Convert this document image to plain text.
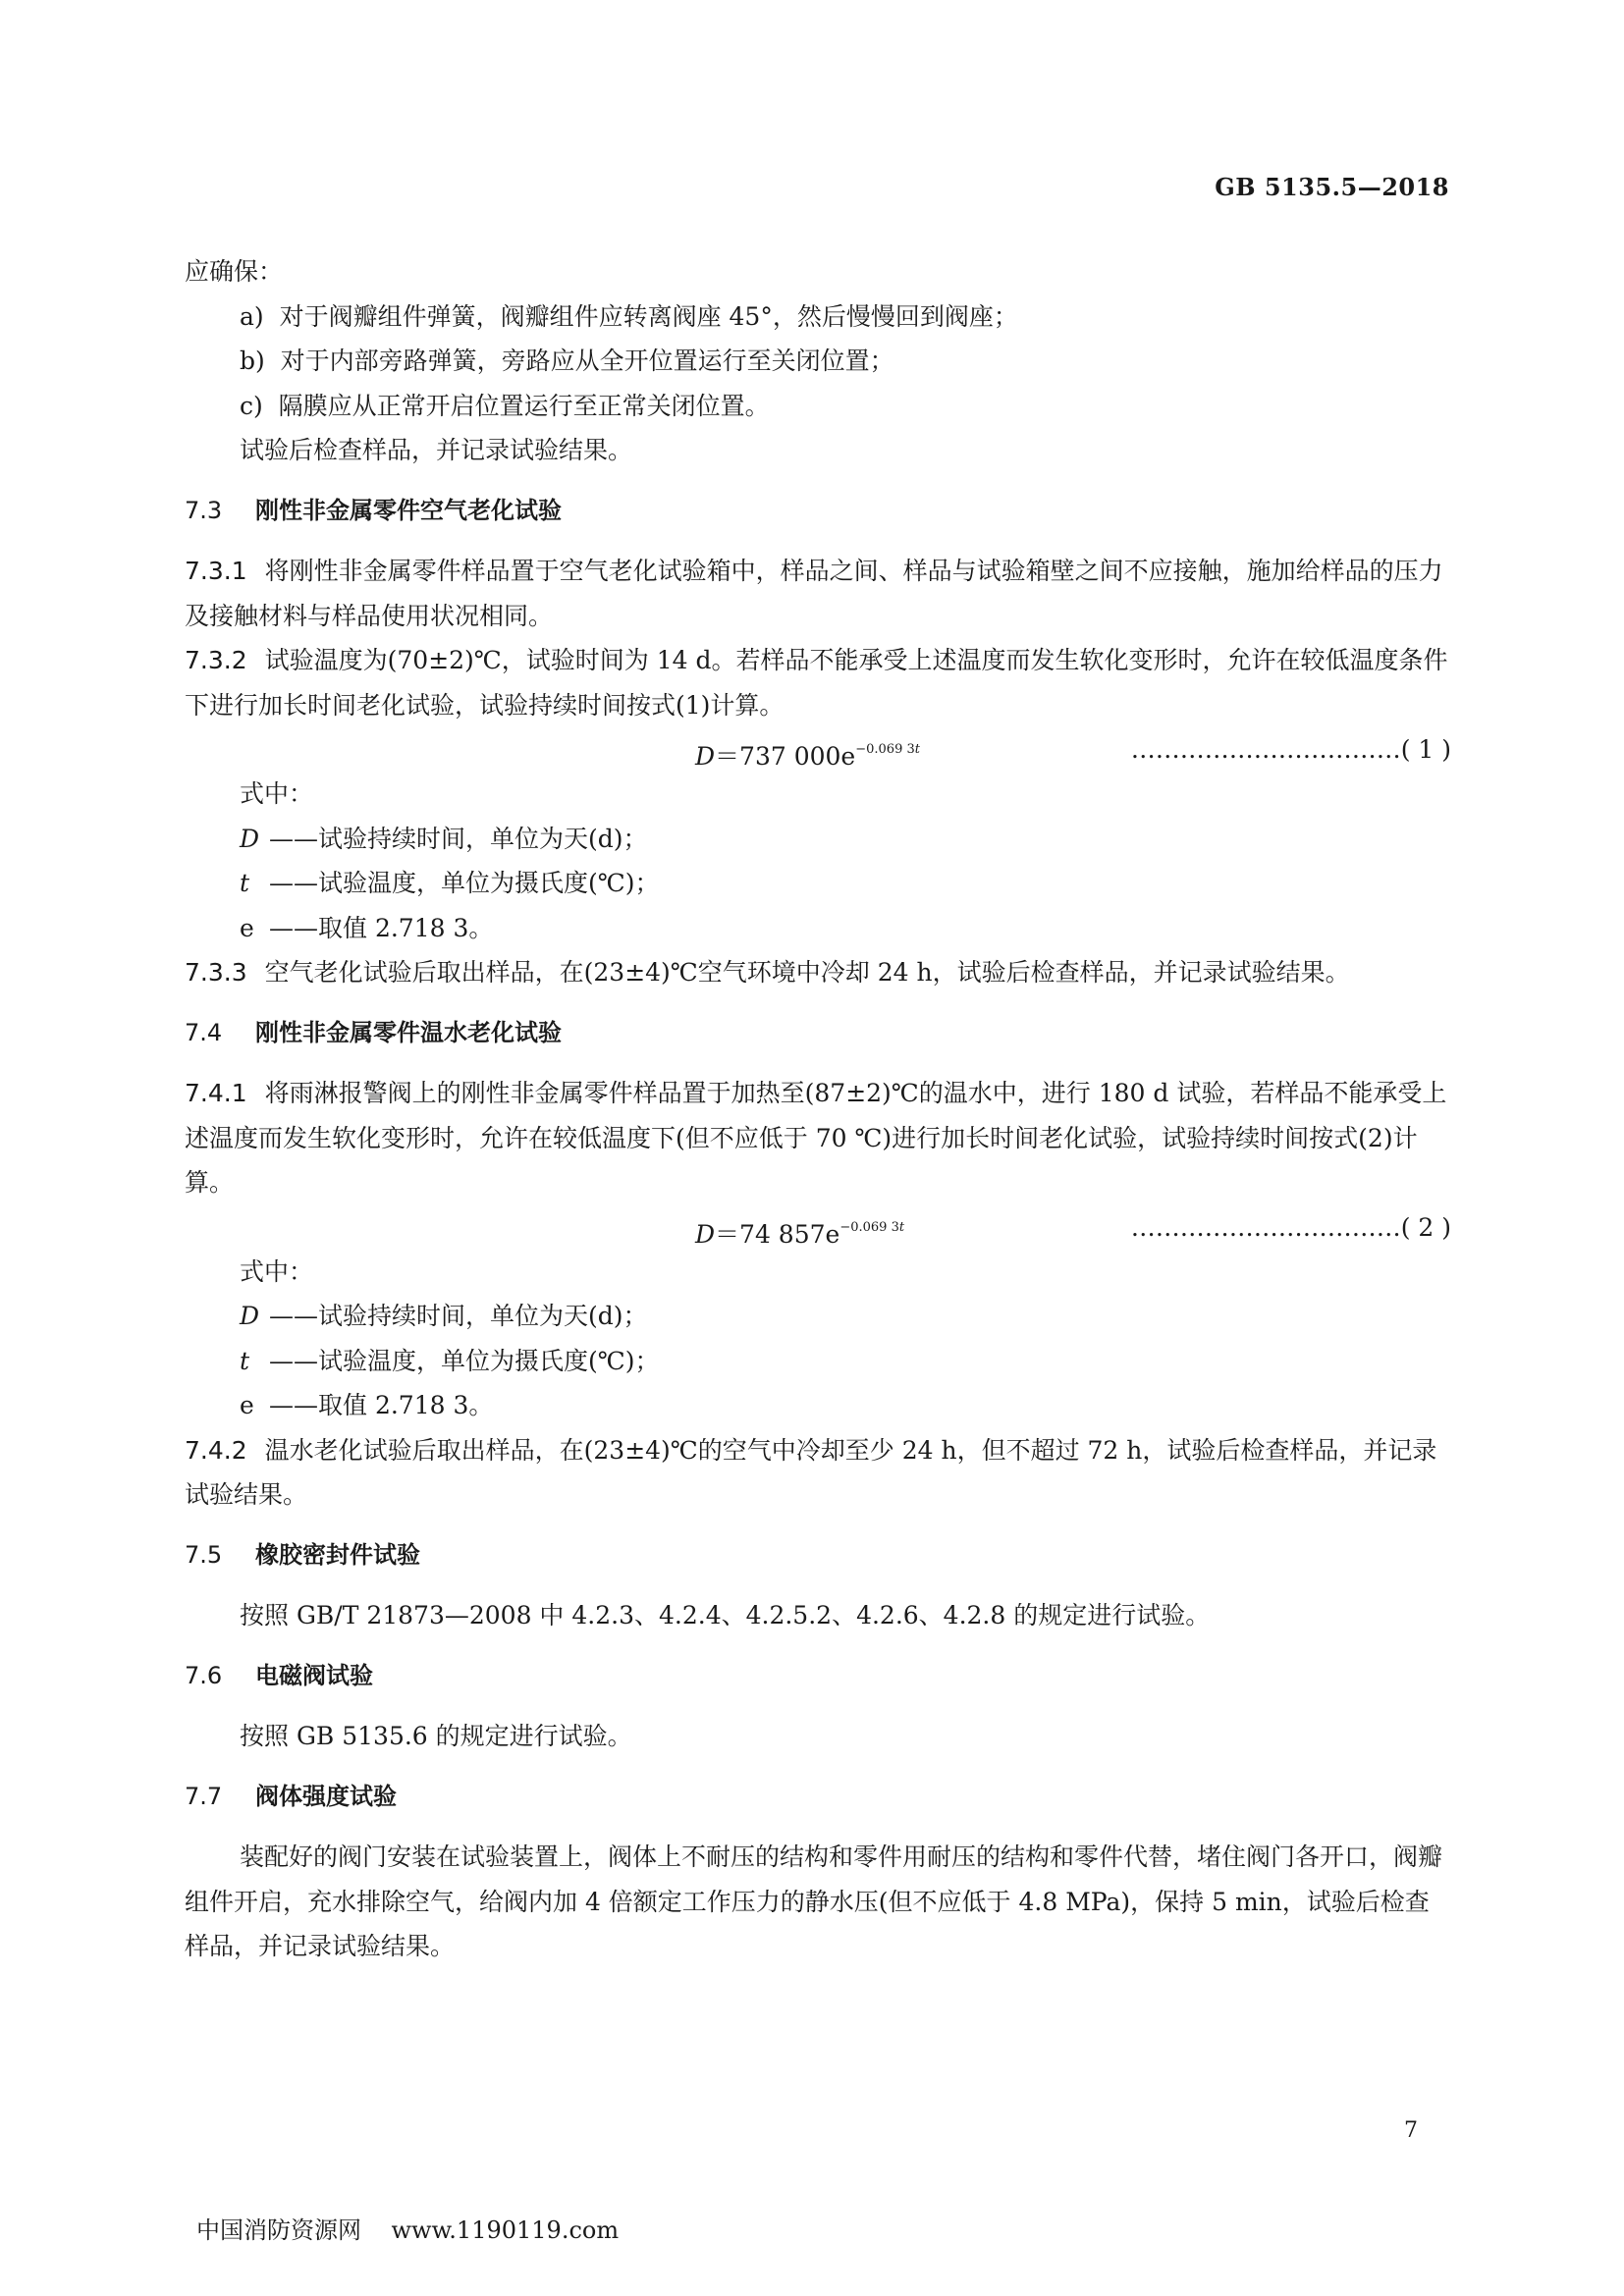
GB 5135.5—2018

应确保：

a) 对于阀瓣组件弹簧，阀瓣组件应转离阀座 45°，然后慢慢回到阀座；

b) 对于内部旁路弹簧，旁路应从全开位置运行至关闭位置；

c) 隔膜应从正常开启位置运行至正常关闭位置。

试验后检查样品，并记录试验结果。

7.3 刚性非金属零件空气老化试验

7.3.1 将刚性非金属零件样品置于空气老化试验箱中，样品之间、样品与试验箱壁之间不应接触，施加给样品的压力及接触材料与样品使用状况相同。

7.3.2 试验温度为(70±2)℃，试验时间为 14 d。若样品不能承受上述温度而发生软化变形时，允许在较低温度条件下进行加长时间老化试验，试验持续时间按式(1)计算。

D＝737 $000e^{-0.069 3t}$	……………………………( 1 )

式中：

D ——试验持续时间，单位为天(d)；

t ——试验温度，单位为摄氏度(℃)；

e ——取值 2.718 3。

7.3.3 空气老化试验后取出样品，在(23±4)℃空气环境中冷却 24 h，试验后检查样品，并记录试验结果。

7.4 刚性非金属零件温水老化试验

7.4.1 将雨淋报警阀上的刚性非金属零件样品置于加热至(87±2)℃的温水中，进行 180 d 试验，若样品不能承受上述温度而发生软化变形时，允许在较低温度下(但不应低于 70 ℃)进行加长时间老化试验，试验持续时间按式(2)计算。

D＝74 $857e^{-0.069 3t}$	……………………………( 2 )

式中：

D ——试验持续时间，单位为天(d)；

t ——试验温度，单位为摄氏度(℃)；

e ——取值 2.718 3。

7.4.2 温水老化试验后取出样品，在(23±4)℃的空气中冷却至少 24 h，但不超过 72 h，试验后检查样品，并记录试验结果。

7.5 橡胶密封件试验

按照 GB/T 21873—2008 中 4.2.3、4.2.4、4.2.5.2、4.2.6、4.2.8 的规定进行试验。

7.6 电磁阀试验

按照 GB 5135.6 的规定进行试验。

7.7 阀体强度试验

装配好的阀门安装在试验装置上，阀体上不耐压的结构和零件用耐压的结构和零件代替，堵住阀门各开口，阀瓣组件开启，充水排除空气，给阀内加 4 倍额定工作压力的静水压(但不应低于 4.8 MPa)，保持 5 min，试验后检查样品，并记录试验结果。

7
中国消防资源网 www.1190119.com
